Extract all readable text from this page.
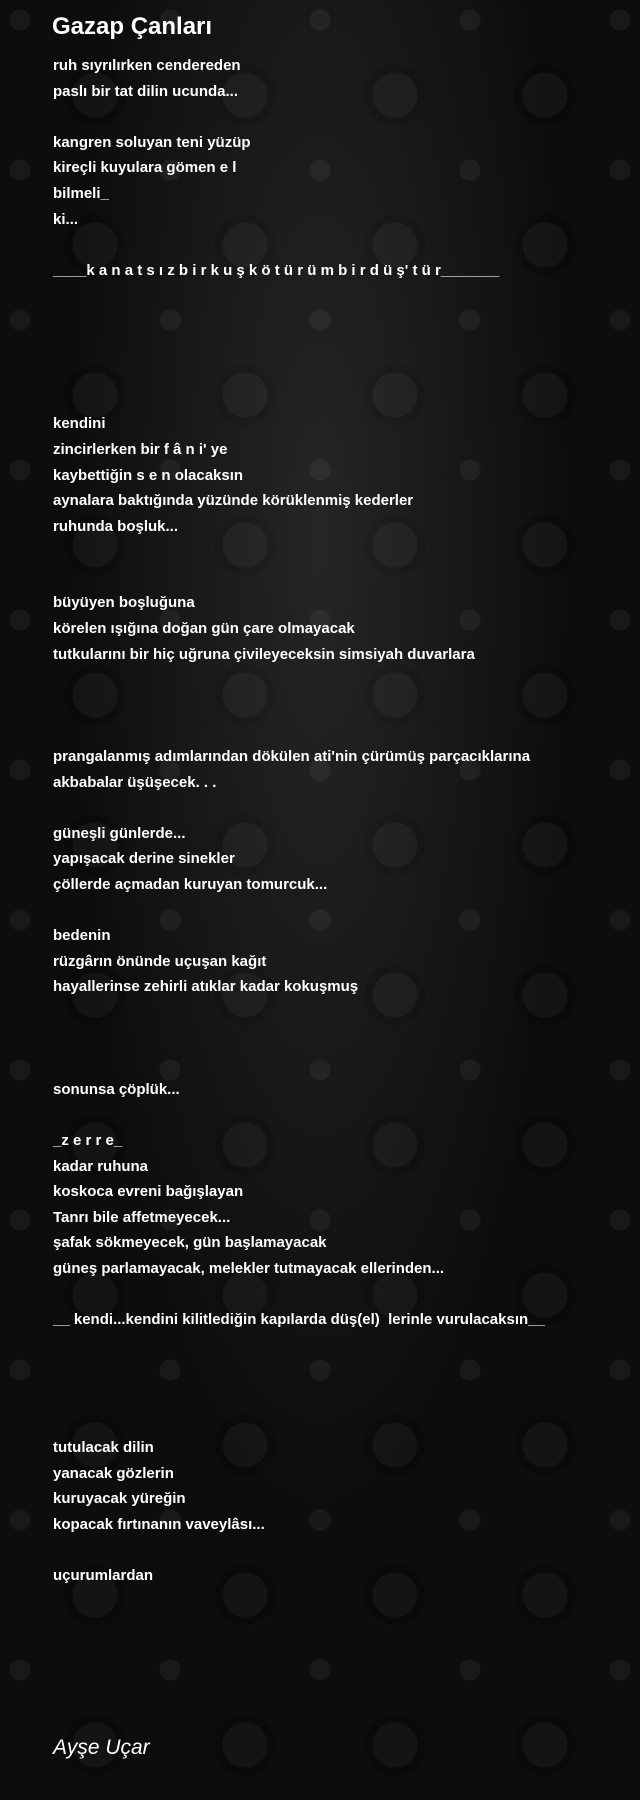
Gazap Çanları
ruh sıyrılırken cendereden
paslı bir tat dilin ucunda...
kangren soluyan teni yüzüp
kireçli kuyulara gömen e l
bilmeli_
ki...
____k a n a t s ı z b i r k u ş k ö t ü r ü m b i r d ü ş' t ü r_______
kendini
zincirlerken bir f â n i' ye
kaybettiğin s e n olacaksın
aynalara baktığında yüzünde körüklenmiş kederler
ruhunda boşluk...
büyüyen boşluğuna
körelen ışığına doğan gün çare olmayacak
tutkularını bir hiç uğruna çivileyeceksin simsiyah duvarlara
prangalanmış adımlarından dökülen ati'nin çürümüş parçacıklarına
akbabalar üşüşecek. . .
güneşli günlerde...
yapışacak derine sinekler
çöllerde açmadan kuruyan tomurcuk...
bedenin
rüzgârın önünde uçuşan kağıt
hayallerinse zehirli atıklar kadar kokuşmuş
sonunsa çöplük...
_z e r r e_
kadar ruhuna
koskoca evreni bağışlayan
Tanrı bile affetmeyecek...
şafak sökmeyecek, gün başlamayacak
güneş parlamayacak, melekler tutmayacak ellerinden...
__ kendi...kendini kilitlediğin kapılarda düş(el)  lerinle vurulacaksın__
tutulacak dilin
yanacak gözlerin
kuruyacak yüreğin
kopacak fırtınanın vaveylâsı...
uçurumlardan
Ayşe Uçar
